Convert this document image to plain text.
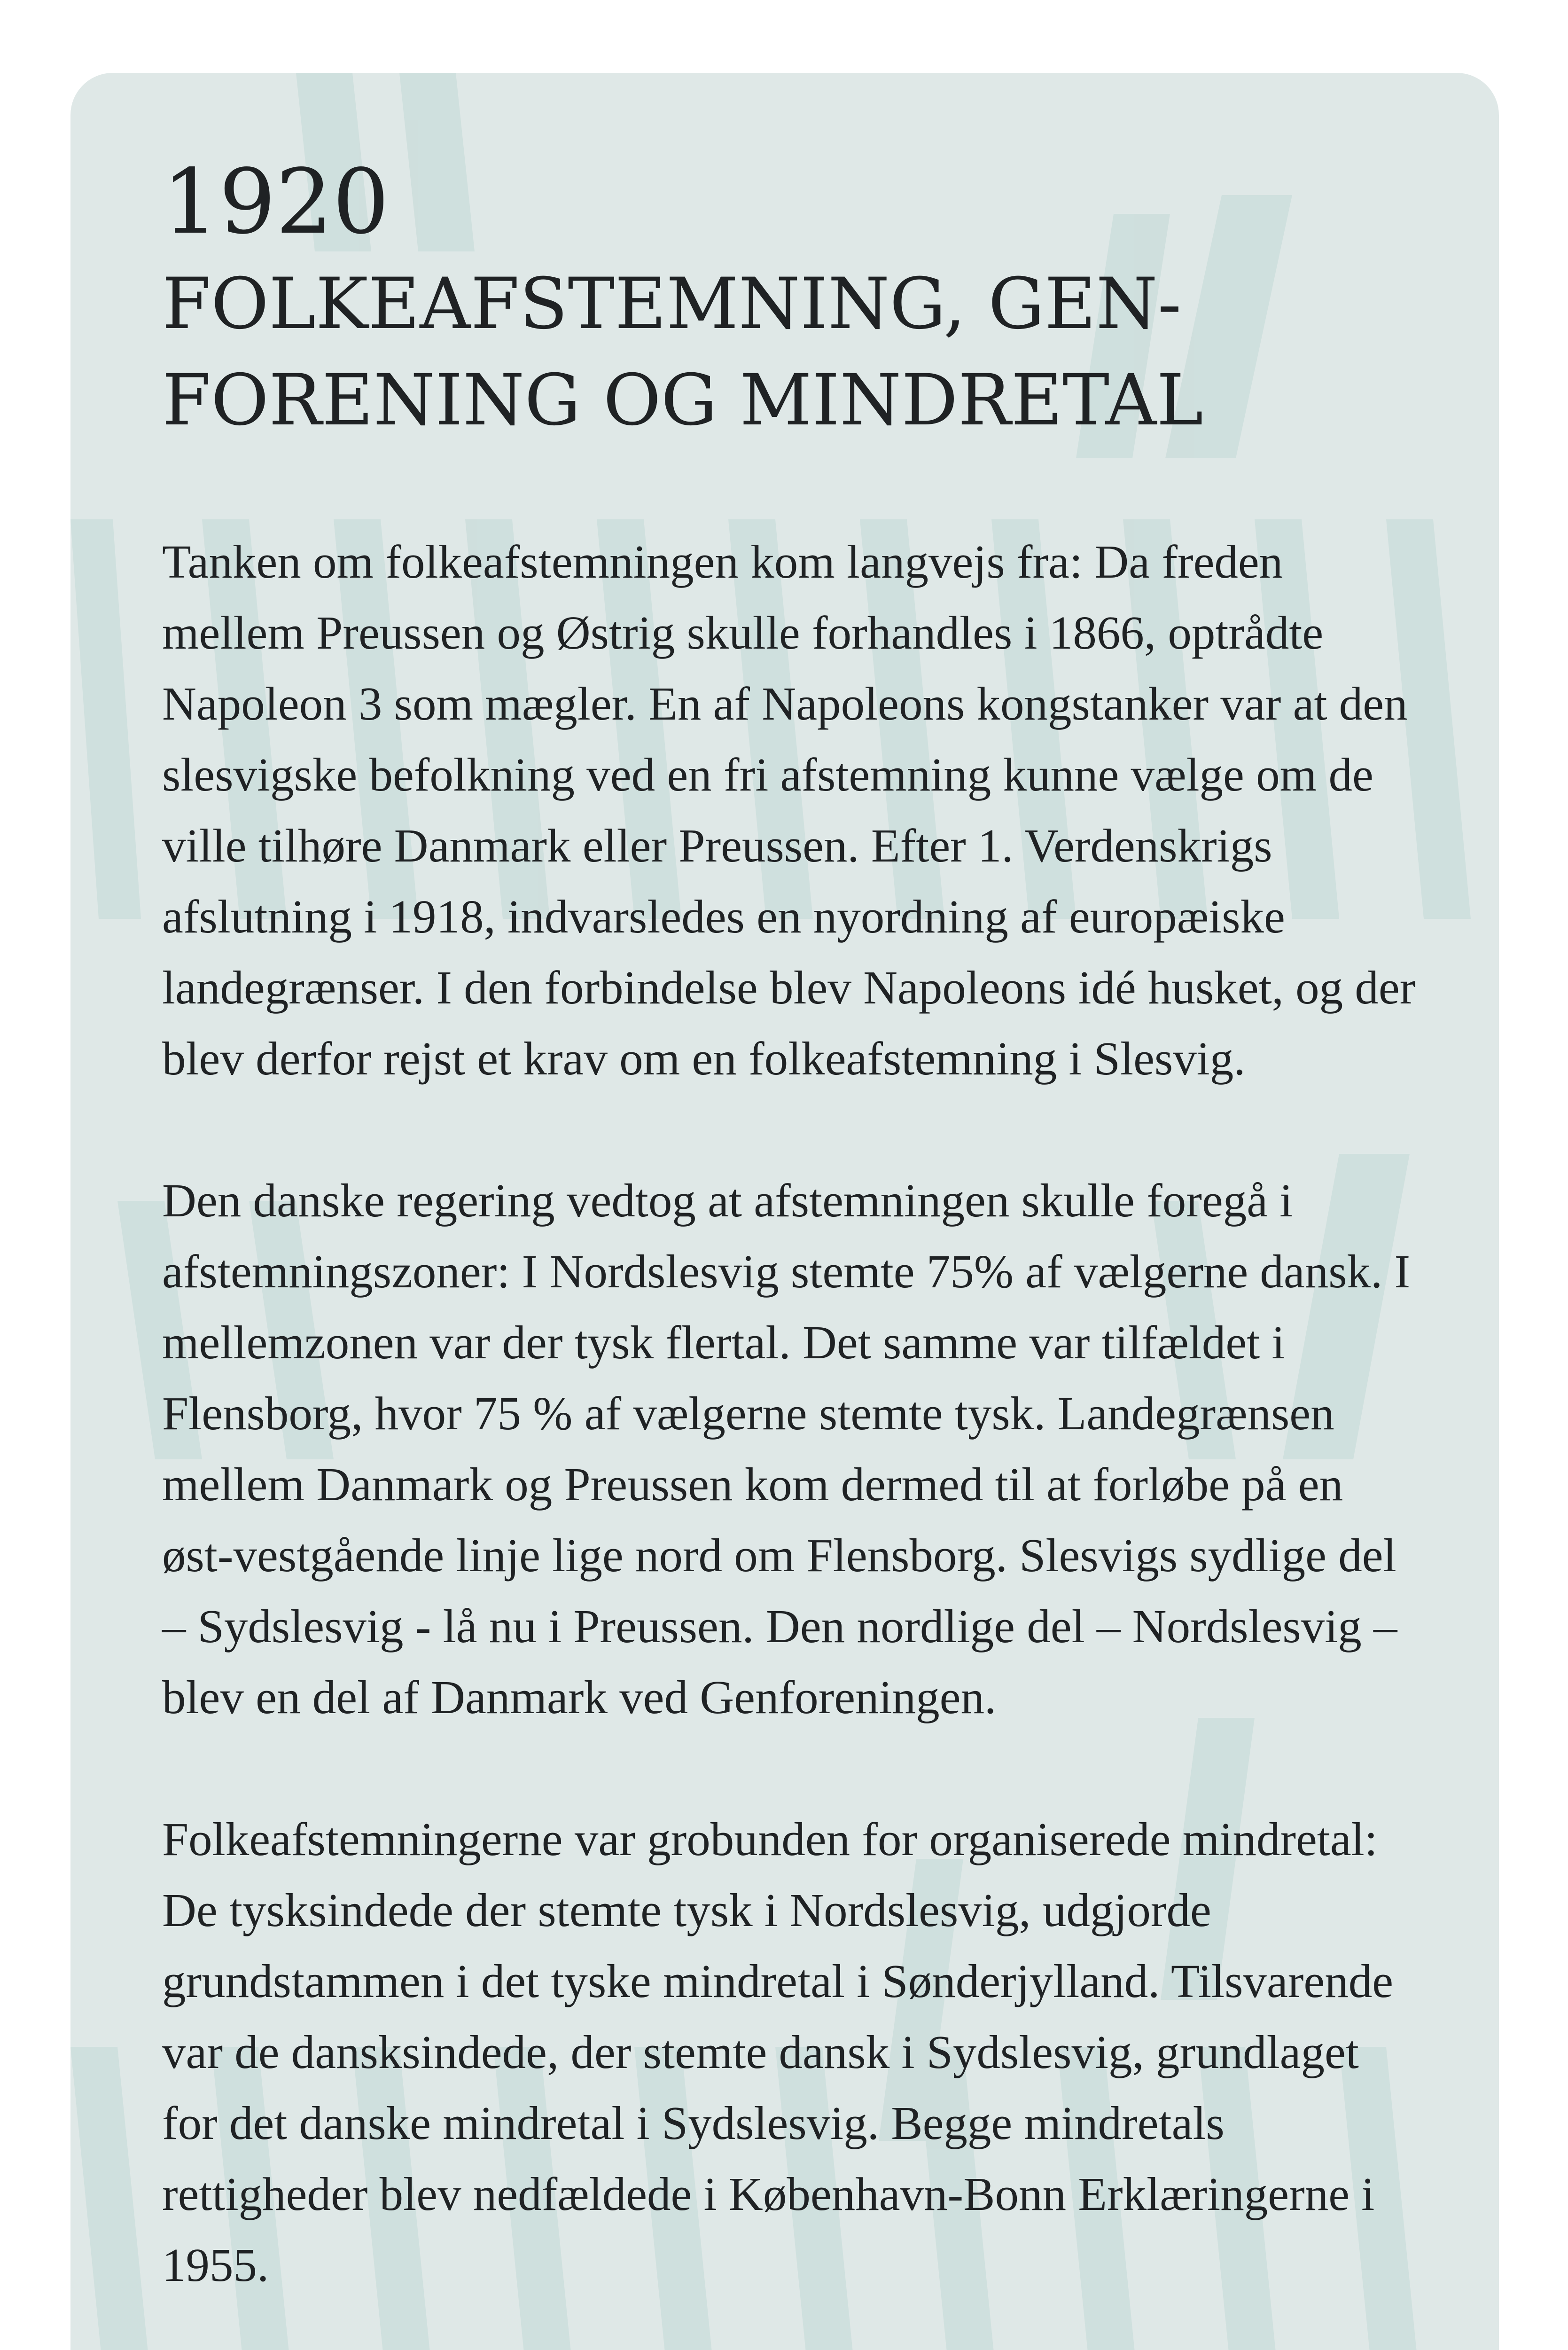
1920
FOLKEAFSTEMNING, GEN-FORENING OG MINDRETAL

Tanken om folkeafstemningen kom langvejs fra: Da freden mellem Preussen og Østrig skulle forhandles i 1866, optrådte Napoleon 3 som mægler. En af Napoleons kongstanker var at den slesvigske befolkning ved en fri afstemning kunne vælge om de ville tilhøre Danmark eller Preussen. Efter 1. Verdenskrigs afslutning i 1918, indvarsledes en nyordning af europæiske landegrænser. I den forbindelse blev Napoleons idé husket, og der blev derfor rejst et krav om en folkeafstemning i Slesvig.

Den danske regering vedtog at afstemningen skulle foregå i afstemningszoner: I Nordslesvig stemte 75% af vælgerne dansk. I mellemzonen var der tysk flertal. Det samme var tilfældet i Flensborg, hvor 75 % af vælgerne stemte tysk. Landegrænsen mellem Danmark og Preussen kom dermed til at forløbe på en øst-vestgående linje lige nord om Flensborg. Slesvigs sydlige del – Sydslesvig - lå nu i Preussen. Den nordlige del – Nordslesvig – blev en del af Danmark ved Genforeningen.

Folkeafstemningerne var grobunden for organiserede mindretal: De tysksindede der stemte tysk i Nordslesvig, udgjorde grundstammen i det tyske mindretal i Sønderjylland. Tilsvarende var de dansksindede, der stemte dansk i Sydslesvig, grundlaget for det danske mindretal i Sydslesvig. Begge mindretals rettigheder blev nedfældede i København-Bonn Erklæringerne i 1955.
